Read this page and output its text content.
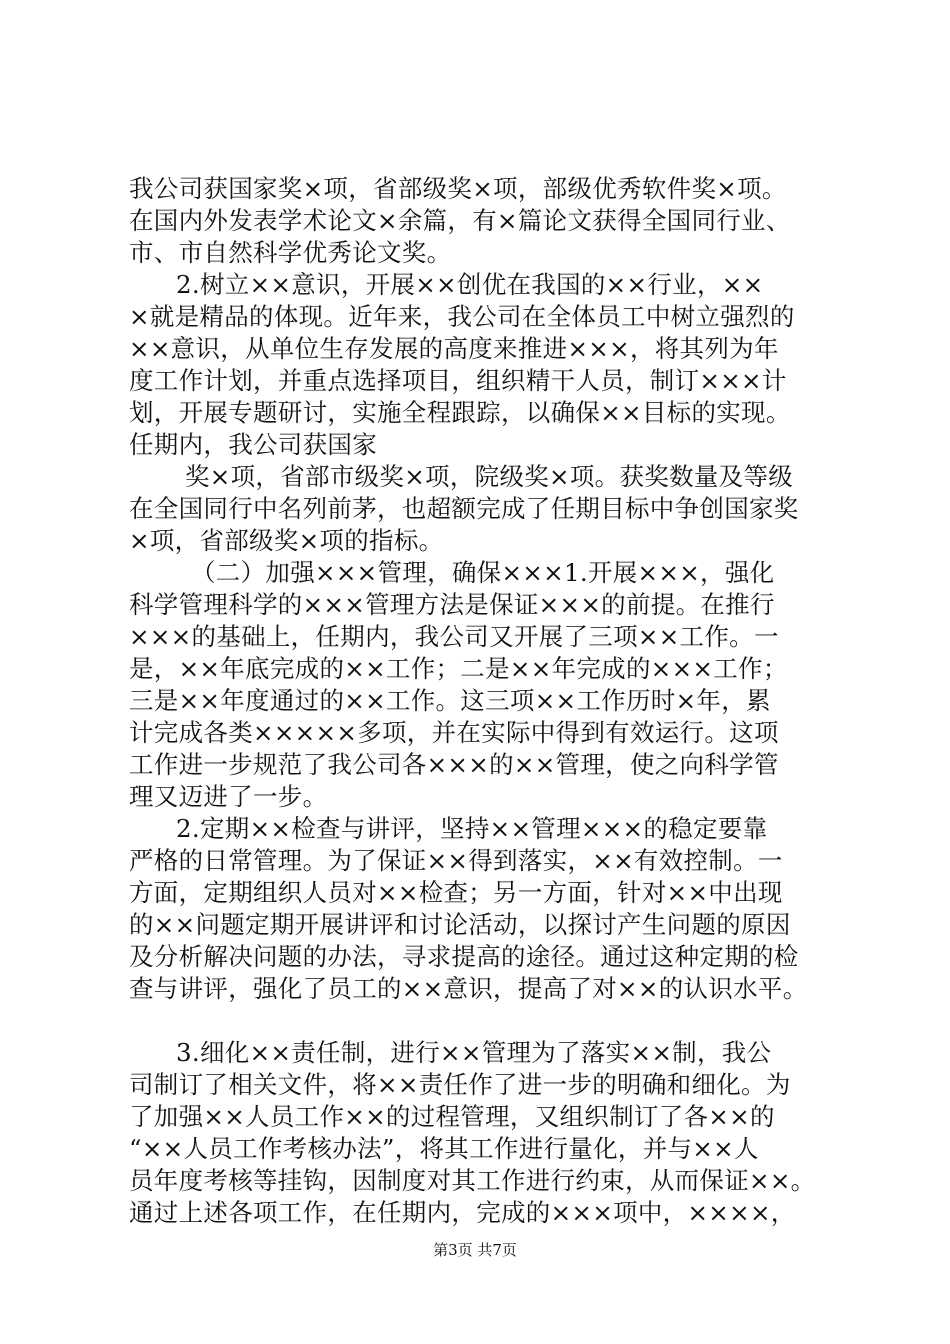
我公司获国家奖×项，省部级奖×项，部级优秀软件奖×项。
在国内外发表学术论文×余篇，有×篇论文获得全国同行业、
市、市自然科学优秀论文奖。
2.树立××意识，开展××创优在我国的××行业，××
×就是精品的体现。近年来，我公司在全体员工中树立强烈的
××意识，从单位生存发展的高度来推进×××，将其列为年
度工作计划，并重点选择项目，组织精干人员，制订×××计
划，开展专题研讨，实施全程跟踪，以确保××目标的实现。
任期内，我公司获国家
奖×项，省部市级奖×项，院级奖×项。获奖数量及等级
在全国同行中名列前茅，也超额完成了任期目标中争创国家奖
×项，省部级奖×项的指标。
（二）加强×××管理，确保×××1.开展×××，强化
科学管理科学的×××管理方法是保证×××的前提。在推行
×××的基础上，任期内，我公司又开展了三项××工作。一
是，××年底完成的××工作；二是××年完成的×××工作；
三是××年度通过的××工作。这三项××工作历时×年，累
计完成各类×××××多项，并在实际中得到有效运行。这项
工作进一步规范了我公司各×××的××管理，使之向科学管
理又迈进了一步。
2.定期××检查与讲评，坚持××管理×××的稳定要靠
严格的日常管理。为了保证××得到落实，××有效控制。一
方面，定期组织人员对××检查；另一方面，针对××中出现
的××问题定期开展讲评和讨论活动，以探讨产生问题的原因
及分析解决问题的办法，寻求提高的途径。通过这种定期的检
查与讲评，强化了员工的××意识，提高了对××的认识水平。
3.细化××责任制，进行××管理为了落实××制，我公
司制订了相关文件，将××责任作了进一步的明确和细化。为
了加强××人员工作××的过程管理，又组织制订了各××的
“××人员工作考核办法”，将其工作进行量化，并与××人
员年度考核等挂钩，因制度对其工作进行约束，从而保证××。
通过上述各项工作，在任期内，完成的×××项中，××××，
第3页 共7页
